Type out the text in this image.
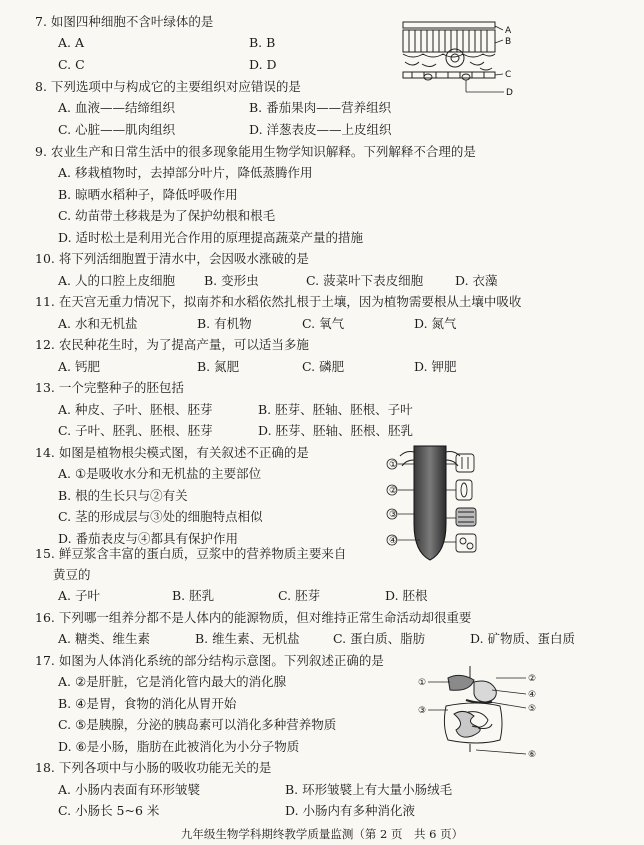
7. 如图四种细胞不含叶绿体的是
A. A	B. B
C. C	D. D
A
B
C
D
8. 下列选项中与构成它的主要组织对应错误的是
A. 血液——结缔组织	B. 番茄果肉——营养组织
C. 心脏——肌肉组织	D. 洋葱表皮——上皮组织
9. 农业生产和日常生活中的很多现象能用生物学知识解释。下列解释不合理的是
A. 移栽植物时，去掉部分叶片，降低蒸腾作用
B. 晾晒水稻种子，降低呼吸作用
C. 幼苗带土移栽是为了保护幼根和根毛
D. 适时松土是利用光合作用的原理提高蔬菜产量的措施
10. 将下列活细胞置于清水中，会因吸水涨破的是
A. 人的口腔上皮细胞 B. 变形虫	C. 菠菜叶下表皮细胞	D. 衣藻
11. 在天宫无重力情况下，拟南芥和水稻依然扎根于土壤，因为植物需要根从土壤中吸收
A. 水和无机盐	B. 有机物	C. 氧气	D. 氮气
12. 农民种花生时，为了提高产量，可以适当多施
A. 钙肥	B. 氮肥	C. 磷肥	D. 钾肥
13. 一个完整种子的胚包括
A. 种皮、子叶、胚根、胚芽	B. 胚芽、胚轴、胚根、子叶
C. 子叶、胚乳、胚根、胚芽	D. 胚芽、胚轴、胚根、胚乳
14. 如图是植物根尖模式图，有关叙述不正确的是
A. ①是吸收水分和无机盐的主要部位
B. 根的生长只与②有关
C. 茎的形成层与③处的细胞特点相似
D. 番茄表皮与④都具有保护作用
①
②
③
④
15. 鲜豆浆含丰富的蛋白质，豆浆中的营养物质主要来自
黄豆的
A. 子叶	B. 胚乳	C. 胚芽	D. 胚根
16. 下列哪一组养分都不是人体内的能源物质，但对维持正常生命活动却很重要
A. 糖类、维生素	B. 维生素、无机盐	C. 蛋白质、脂肪	D. 矿物质、蛋白质
17. 如图为人体消化系统的部分结构示意图。下列叙述正确的是
A. ②是肝脏，它是消化管内最大的消化腺
B. ④是胃，食物的消化从胃开始
C. ⑤是胰腺，分泌的胰岛素可以消化多种营养物质
D. ⑥是小肠，脂肪在此被消化为小分子物质
①	②
③
④
⑤
⑥
18. 下列各项中与小肠的吸收功能无关的是
A. 小肠内表面有环形皱襞	B. 环形皱襞上有大量小肠绒毛
C. 小肠长 5~6 米	D. 小肠内有多种消化液
九年级生物学科期终教学质量监测（第 2 页　共 6 页）
